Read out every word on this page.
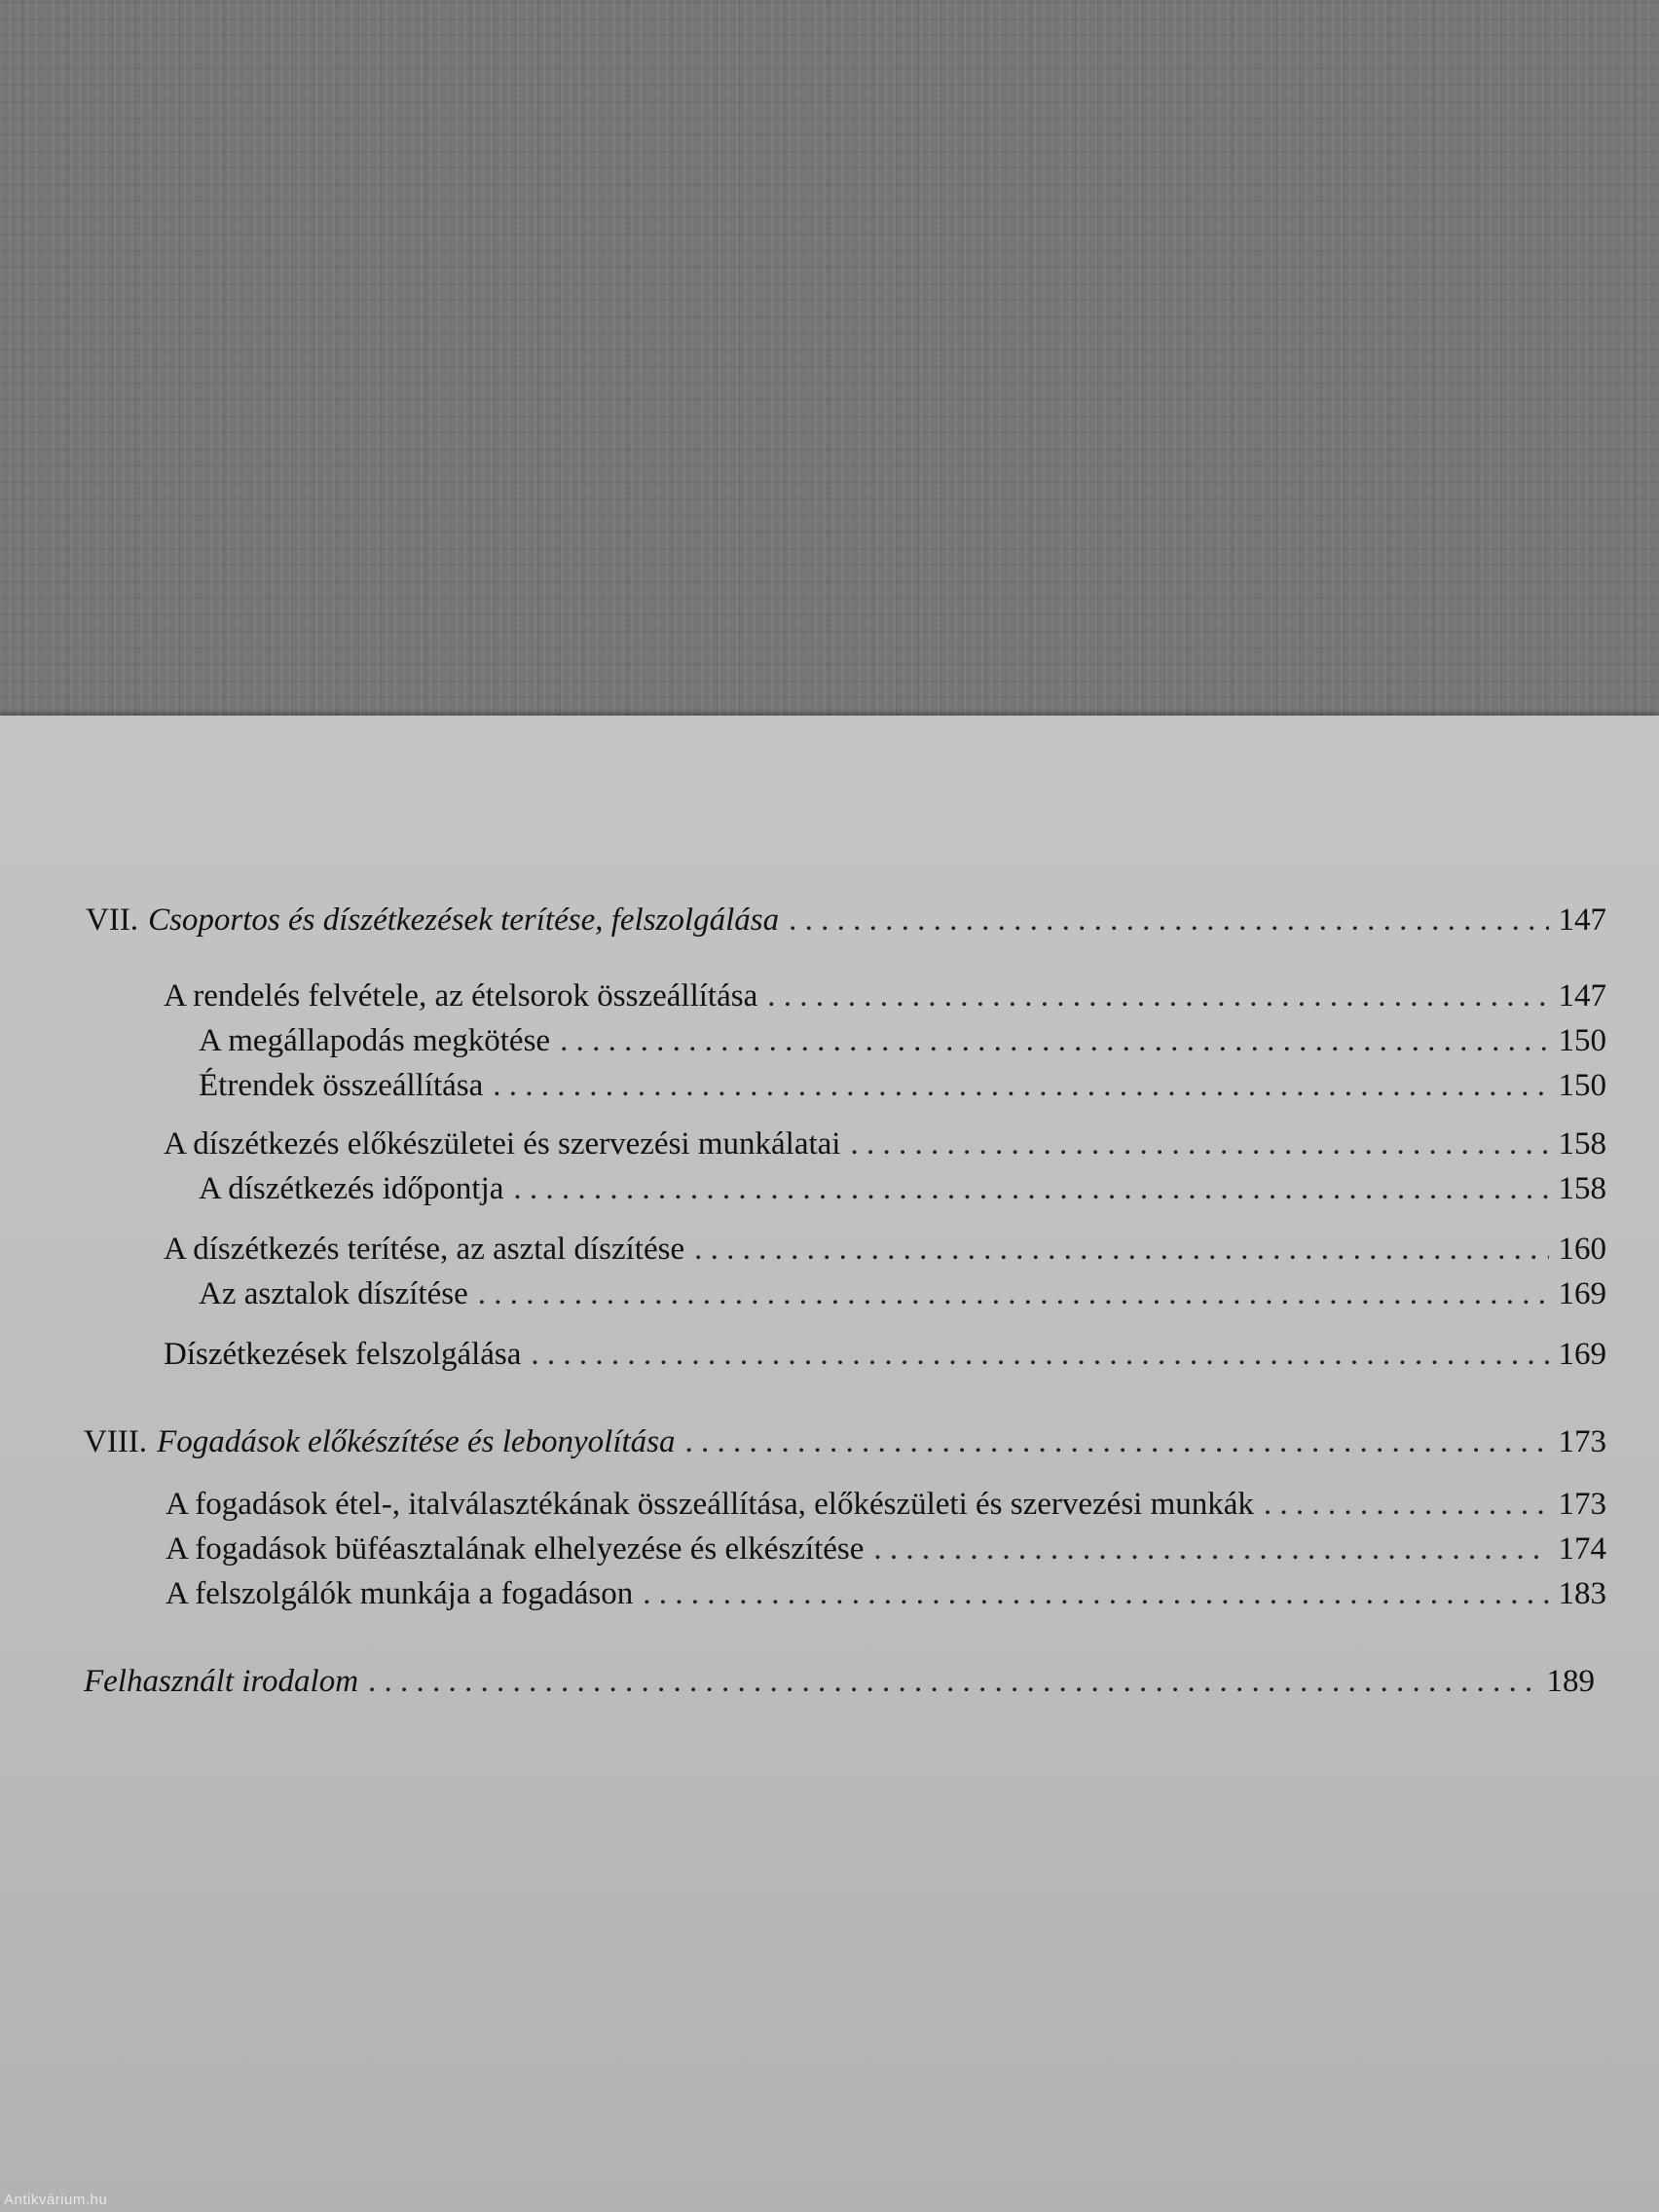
VII. Csoportos és díszétkezések terítése, felszolgálása . . .	147
A rendelés felvétele, az ételsorok összeállítása . . .	147
A megállapodás megkötése . . .	150
Étrendek összeállítása . . .	150
A díszétkezés előkészületei és szervezési munkálatai . . .	158
A díszétkezés időpontja . . .	158
A díszétkezés terítése, az asztal díszítése . . .	160
Az asztalok díszítése . . .	169
Díszétkezések felszolgálása . . .	169
VIII. Fogadások előkészítése és lebonyolítása . . .	173
A fogadások étel-, italválasztékának összeállítása, előkészületi és szervezési munkák . . .	173
A fogadások büféasztalának elhelyezése és elkészítése . . .	174
A felszolgálók munkája a fogadáson . . .	183
Felhasznált irodalom . . .	189
Antikvárium.hu
